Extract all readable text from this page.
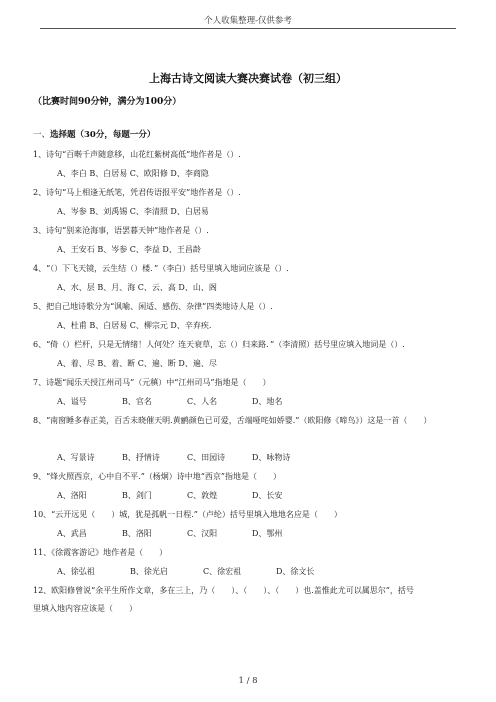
个人收集整理-仅供参考
上海古诗文阅读大赛决赛试卷（初三组）
（比赛时间90分钟，满分为100分）
一、选择题（30分，每题一分）
1、诗句“百啭千声随意移，山花红紫树高低”地作者是（）.
A、李白 B、白居易 C、欧阳修 D、李商隐
2、诗句“马上相逢无纸笔，凭君传语报平安”地作者是（）.
A、岑参 B、刘禹锡 C、李清照 D、白居易
3、诗句“别来沧海事，语罢暮天钟”地作者是（）.
A、王安石 B、岑参 C、李益 D、王昌龄
4、“（）下飞天镜，云生结（）楼．”（李白）括号里填入地词应该是（）.
A、水、层 B、月、海 C、云、高 D、山、阁
5、把自己地诗歌分为“讽喻、闲适、感伤、杂律”四类地诗人是（）.
A、杜甫 B、白居易 C、柳宗元 D、辛弃疾.
6、“倚（）栏杆，只是无情绪！人何处？连天衰草，忘（）归来路．”（李清照）括号里应填入地词是（）.
A、着、尽 B、着、断 C、遍、断 D、遍、尽
7、诗题“闻乐天授江州司马”（元稹）中“江州司马”指地是（　　）
A、谥号	B、官名	C、人名	D、地名
8、“南窗睡多春正美，百舌未晓催天明.黄鹂颜色已可爱，舌端哑咤如娇婴.”（欧阳修《啼鸟》）这是一首（　　）
A、写景诗	B、抒情诗	C、田园诗	D、咏物诗
9、“烽火照西京，心中自不平.”（杨炯）诗中地“西京”指地是（　　）
A、洛阳	B、剑门	C、敦煌	D、长安
10、“云开远见（　　）城，犹是孤帆一日程.”（卢纶）括号里填入地地名应是（　　）
A、武昌	B、洛阳	C、汉阳	D、鄂州
11、《徐霞客游记》地作者是（　　）
A、徐弘祖	B、徐光启	C、徐宏祖	D、徐文长
12、欧阳修曾说“余平生所作文章，多在三上，乃（　　）、（　　）、（　　）也.盖惟此尤可以属思尔”，括号
里填入地内容应该是（　　）
1 / 8
